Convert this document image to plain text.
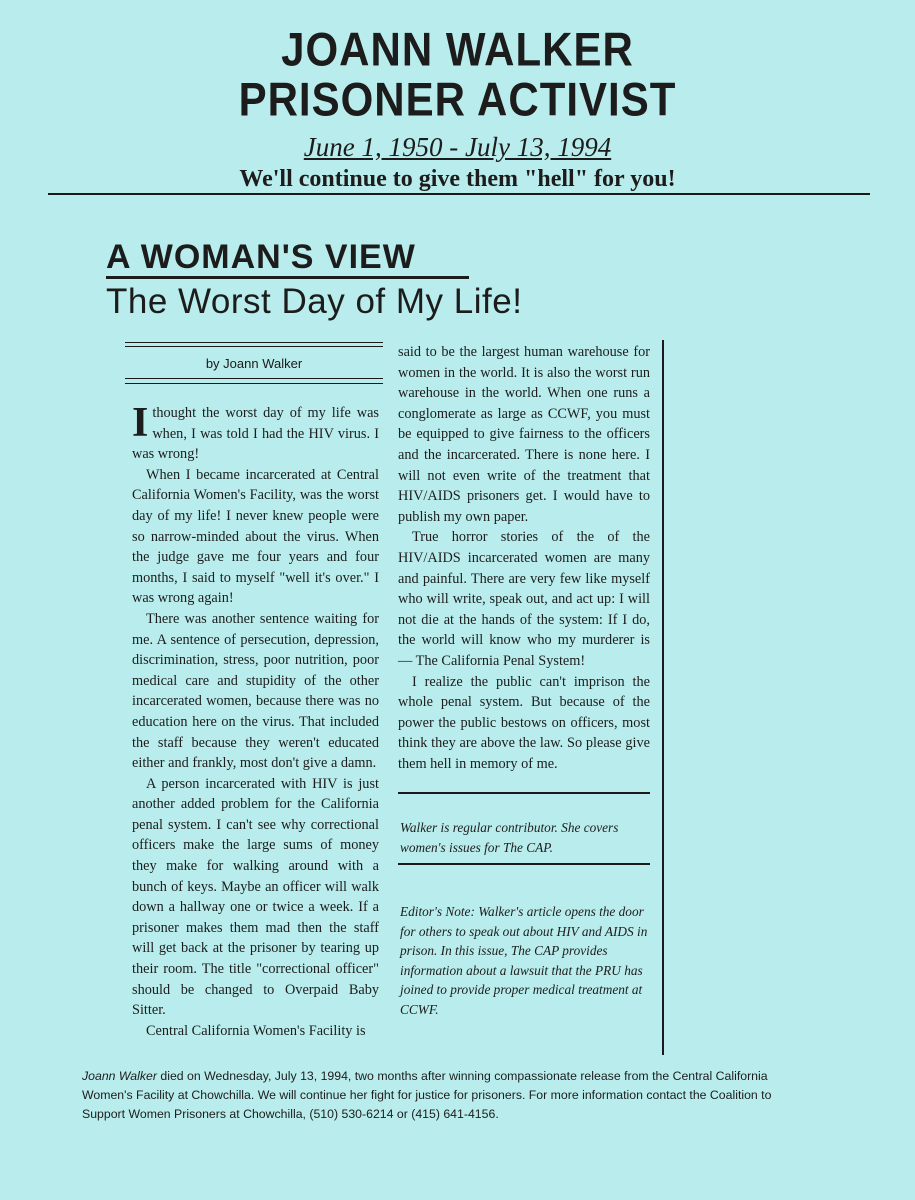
JOANN WALKER
PRISONER ACTIVIST
June 1, 1950 - July 13, 1994
We'll continue to give them "hell" for you!
A WOMAN'S VIEW
The Worst Day of My Life!
by Joann Walker

Ithought the worst day of my life was when, I was told I had the HIV virus. I was wrong!

When I became incarcerated at Central California Women's Facility, was the worst day of my life! I never knew people were so narrow-minded about the virus. When the judge gave me four years and four months, I said to myself "well it's over." I was wrong again!

There was another sentence waiting for me. A sentence of persecution, depression, discrimination, stress, poor nutrition, poor medical care and stupidity of the other incarcerated women, because there was no education here on the virus. That included the staff because they weren't educated either and frankly, most don't give a damn.

A person incarcerated with HIV is just another added problem for the California penal system. I can't see why correctional officers make the large sums of money they make for walking around with a bunch of keys. Maybe an officer will walk down a hallway one or twice a week. If a prisoner makes them mad then the staff will get back at the prisoner by tearing up their room. The title "correctional officer" should be changed to Overpaid Baby Sitter.

Central California Women's Facility is

said to be the largest human warehouse for women in the world. It is also the worst run warehouse in the world. When one runs a conglomerate as large as CCWF, you must be equipped to give fairness to the officers and the incarcerated. There is none here. I will not even write of the treatment that HIV/AIDS prisoners get. I would have to publish my own paper.

True horror stories of the of the HIV/AIDS incarcerated women are many and painful. There are very few like myself who will write, speak out, and act up: I will not die at the hands of the system: If I do, the world will know who my murderer is — The California Penal System!

I realize the public can't imprison the whole penal system. But because of the power the public bestows on officers, most think they are above the law. So please give them hell in memory of me.

Walker is regular contributor. She covers women's issues for The CAP.
Editor's Note: Walker's article opens the door for others to speak out about HIV and AIDS in prison. In this issue, The CAP provides information about a lawsuit that the PRU has joined to provide proper medical treatment at CCWF.
Joann Walker died on Wednesday, July 13, 1994, two months after winning compassionate release from the Central California Women's Facility at Chowchilla. We will continue her fight for justice for prisoners. For more information contact the Coalition to Support Women Prisoners at Chowchilla, (510) 530-6214 or (415) 641-4156.
